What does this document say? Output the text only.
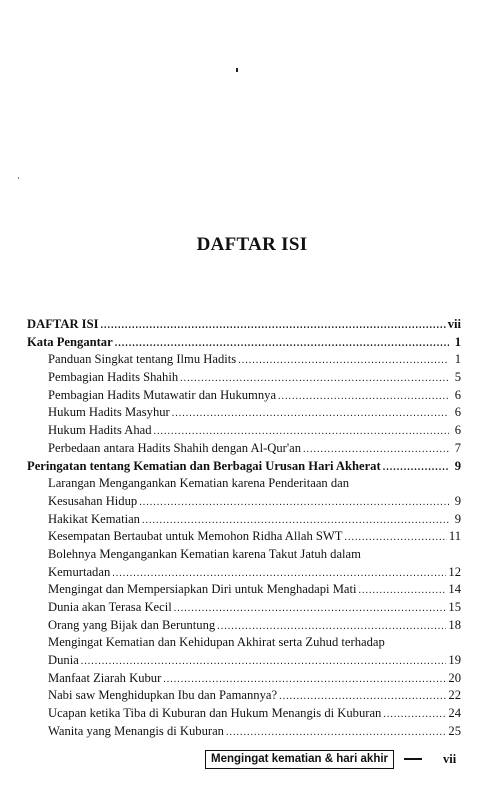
DAFTAR ISI
DAFTAR ISI .....	vii
Kata Pengantar .....	1
Panduan Singkat tentang Ilmu Hadits .....	1
Pembagian Hadits Shahih .....	5
Pembagian Hadits Mutawatir dan Hukumnya .....	6
Hukum Hadits Masyhur .....	6
Hukum Hadits Ahad .....	6
Perbedaan antara Hadits Shahih dengan Al-Qur'an .....	7
Peringatan tentang Kematian dan Berbagai Urusan Hari Akherat .....	9
Larangan Mengangankan Kematian karena Penderitaan dan
Kesusahan Hidup .....	9
Hakikat Kematian .....	9
Kesempatan Bertaubat untuk Memohon Ridha Allah SWT .....	11
Bolehnya Mengangankan Kematian karena Takut Jatuh dalam
Kemurtadan .....	12
Mengingat dan Mempersiapkan Diri untuk Menghadapi Mati .....	14
Dunia akan Terasa Kecil .....	15
Orang yang Bijak dan Beruntung .....	18
Mengingat Kematian dan Kehidupan Akhirat serta Zuhud terhadap
Dunia .....	19
Manfaat Ziarah Kubur .....	20
Nabi saw Menghidupkan Ibu dan Pamannya? .....	22
Ucapan ketika Tiba di Kuburan dan Hukum Menangis di Kuburan .....	24
Wanita yang Menangis di Kuburan .....	25
Mengingat kematian & hari akhir	vii
